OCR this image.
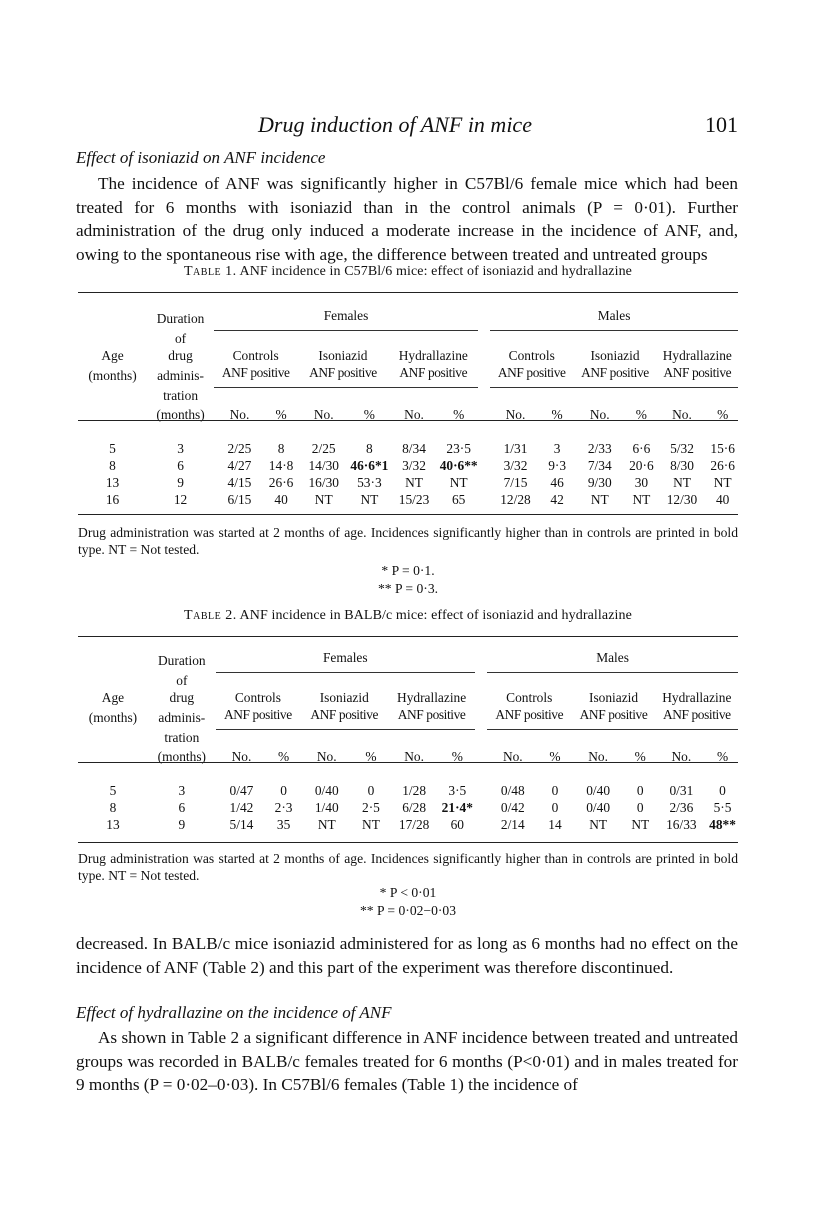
Drug induction of ANF in mice	101
Effect of isoniazid on ANF incidence

The incidence of ANF was significantly higher in C57Bl/6 female mice which had been treated for 6 months with isoniazid than in the control animals (P = 0·01). Further administration of the drug only induced a moderate increase in the incidence of ANF, and, owing to the spontaneous rise with age, the difference between treated and untreated groups

Table 1. ANF incidence in C57Bl/6 mice: effect of isoniazid and hydrallazine
	Duration	Females							Males					
	of													
Age	drug	Controls		Isoniazid		Hydrallazine			Controls		Isoniazid		Hydrallazine	
(months)	adminis-	ANF positive		ANF positive		ANF positive			ANF positive		ANF positive		ANF positive	
	tration													
	(months)	No.	%	No.	%	No.	%		No.	%	No.	%	No.	%

5	3	2/25	8	2/25	8	8/34	23·5		1/31	3	2/33	6·6	5/32	15·6
8	6	4/27	14·8	14/30	46·6*1	3/32	40·6**		3/32	9·3	7/34	20·6	8/30	26·6
13	9	4/15	26·6	16/30	53·3	NT	NT		7/15	46	9/30	30	NT	NT
16	12	6/15	40	NT	NT	15/23	65		12/28	42	NT	NT	12/30	40
Drug administration was started at 2 months of age. Incidences significantly higher than in controls are printed in bold type. NT = Not tested.
* P = 0·1.
** P = 0·3.
Table 2. ANF incidence in BALB/c mice: effect of isoniazid and hydrallazine
	Duration	Females							Males					
	of													
Age	drug	Controls		Isoniazid		Hydrallazine			Controls		Isoniazid		Hydrallazine	
(months)	adminis-	ANF positive		ANF positive		ANF positive			ANF positive		ANF positive		ANF positive	
	tration													
	(months)	No.	%	No.	%	No.	%		No.	%	No.	%	No.	%

5	3	0/47	0	0/40	0	1/28	3·5		0/48	0	0/40	0	0/31	0
8	6	1/42	2·3	1/40	2·5	6/28	21·4*		0/42	0	0/40	0	2/36	5·5
13	9	5/14	35	NT	NT	17/28	60		2/14	14	NT	NT	16/33	48**
Drug administration was started at 2 months of age. Incidences significantly higher than in controls are printed in bold type. NT = Not tested.
* P < 0·01
** P = 0·02−0·03

decreased. In BALB/c mice isoniazid administered for as long as 6 months had no effect on the incidence of ANF (Table 2) and this part of the experiment was therefore discontinued.

Effect of hydrallazine on the incidence of ANF

As shown in Table 2 a significant difference in ANF incidence between treated and untreated groups was recorded in BALB/c females treated for 6 months (P<0·01) and in males treated for 9 months (P = 0·02–0·03). In C57Bl/6 females (Table 1) the incidence of
